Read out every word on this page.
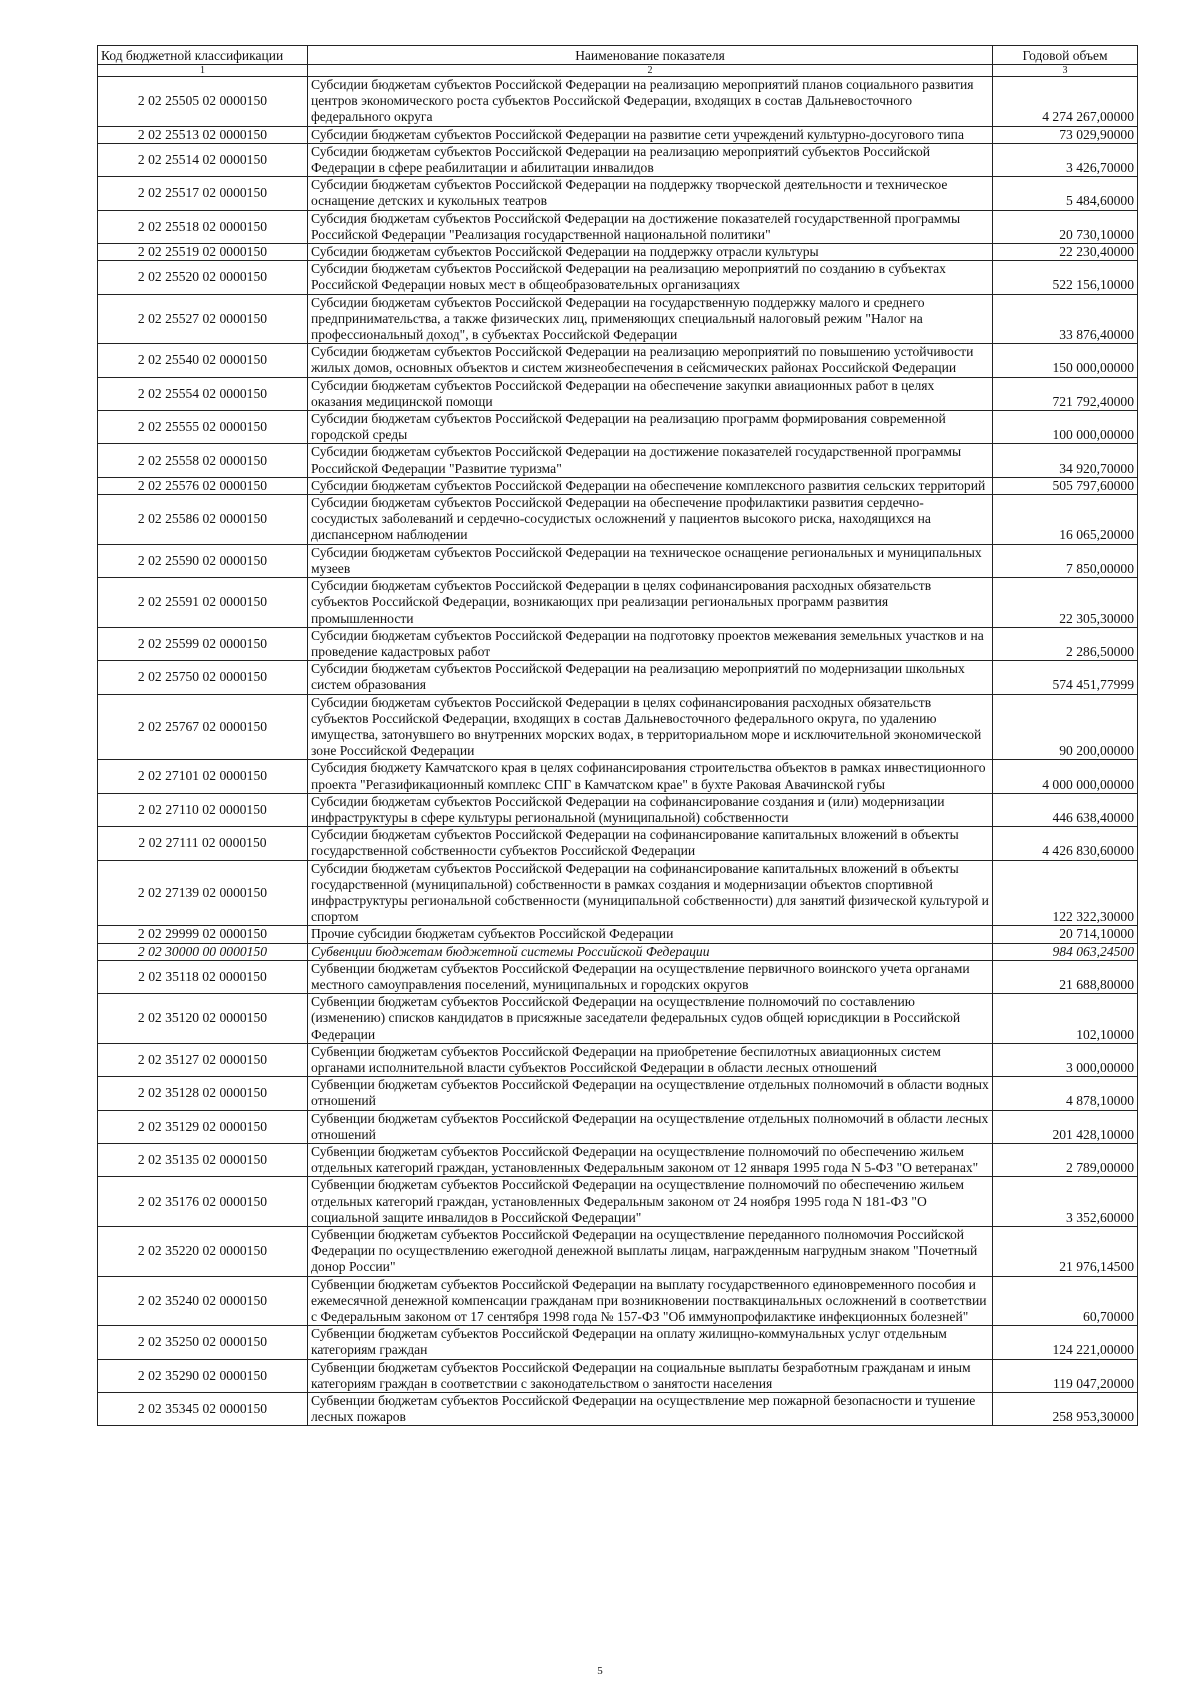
Код бюджетной классификации	Наименование показателя	Годовой объем
1	2	3
2 02 25505 02 0000150	Субсидии бюджетам субъектов Российской Федерации на реализацию мероприятий планов социального развития центров экономического роста субъектов Российской Федерации, входящих в состав Дальневосточного федерального округа	4 274 267,00000
2 02 25513 02 0000150	Субсидии бюджетам субъектов Российской Федерации на развитие сети учреждений культурно-досугового типа	73 029,90000
2 02 25514 02 0000150	Субсидии бюджетам субъектов Российской Федерации на реализацию мероприятий субъектов Российской Федерации в сфере реабилитации и абилитации инвалидов	3 426,70000
2 02 25517 02 0000150	Субсидии бюджетам субъектов Российской Федерации на поддержку творческой деятельности и техническое оснащение детских и кукольных театров	5 484,60000
2 02 25518 02 0000150	Субсидия бюджетам субъектов Российской Федерации на достижение показателей государственной программы Российской Федерации "Реализация государственной национальной политики"	20 730,10000
2 02 25519 02 0000150	Субсидии бюджетам субъектов Российской Федерации на поддержку отрасли культуры	22 230,40000
2 02 25520 02 0000150	Субсидии бюджетам субъектов Российской Федерации на реализацию мероприятий по созданию в субъектах Российской Федерации новых мест в общеобразовательных организациях	522 156,10000
2 02 25527 02 0000150	Субсидии бюджетам субъектов Российской Федерации на государственную поддержку малого и среднего предпринимательства, а также физических лиц, применяющих специальный налоговый режим "Налог на профессиональный доход", в субъектах Российской Федерации	33 876,40000
2 02 25540 02 0000150	Субсидии бюджетам субъектов Российской Федерации на реализацию мероприятий по повышению устойчивости жилых домов, основных объектов и систем жизнеобеспечения в сейсмических районах Российской Федерации	150 000,00000
2 02 25554 02 0000150	Субсидии бюджетам субъектов Российской Федерации на обеспечение закупки авиационных работ в целях оказания медицинской помощи	721 792,40000
2 02 25555 02 0000150	Субсидии бюджетам субъектов Российской Федерации на реализацию программ формирования современной городской среды	100 000,00000
2 02 25558 02 0000150	Субсидии бюджетам субъектов Российской Федерации на достижение показателей государственной программы Российской Федерации "Развитие туризма"	34 920,70000
2 02 25576 02 0000150	Субсидии бюджетам субъектов Российской Федерации на обеспечение комплексного развития сельских территорий	505 797,60000
2 02 25586 02 0000150	Субсидии бюджетам субъектов Российской Федерации на обеспечение профилактики развития сердечно-сосудистых заболеваний и сердечно-сосудистых осложнений у пациентов высокого риска, находящихся на диспансерном наблюдении	16 065,20000
2 02 25590 02 0000150	Субсидии бюджетам субъектов Российской Федерации на техническое оснащение региональных и муниципальных музеев	7 850,00000
2 02 25591 02 0000150	Субсидии бюджетам субъектов Российской Федерации в целях софинансирования расходных обязательств субъектов Российской Федерации, возникающих при реализации региональных программ развития промышленности	22 305,30000
2 02 25599 02 0000150	Субсидии бюджетам субъектов Российской Федерации на подготовку проектов межевания земельных участков и на проведение кадастровых работ	2 286,50000
2 02 25750 02 0000150	Субсидии бюджетам субъектов Российской Федерации на реализацию мероприятий по модернизации школьных систем образования	574 451,77999
2 02 25767 02 0000150	Субсидии бюджетам субъектов Российской Федерации в целях софинансирования расходных обязательств субъектов Российской Федерации, входящих в состав Дальневосточного федерального округа, по удалению имущества, затонувшего во внутренних морских водах, в территориальном море и исключительной экономической зоне Российской Федерации	90 200,00000
2 02 27101 02 0000150	Субсидия бюджету Камчатского края в целях софинансирования строительства объектов в рамках инвестиционного проекта "Регазификационный комплекс СПГ в Камчатском крае" в бухте Раковая Авачинской губы	4 000 000,00000
2 02 27110 02 0000150	Субсидии бюджетам субъектов Российской Федерации на софинансирование создания и (или) модернизации инфраструктуры в сфере культуры региональной (муниципальной) собственности	446 638,40000
2 02 27111 02 0000150	Субсидии бюджетам субъектов Российской Федерации на софинансирование капитальных вложений в объекты государственной собственности субъектов Российской Федерации	4 426 830,60000
2 02 27139 02 0000150	Субсидии бюджетам субъектов Российской Федерации на софинансирование капитальных вложений в объекты государственной (муниципальной) собственности в рамках создания и модернизации объектов спортивной инфраструктуры региональной собственности (муниципальной собственности) для занятий физической культурой и спортом	122 322,30000
2 02 29999 02 0000150	Прочие субсидии бюджетам субъектов Российской Федерации	20 714,10000
2 02 30000 00 0000150	Субвенции бюджетам бюджетной системы Российской Федерации	984 063,24500
2 02 35118 02 0000150	Субвенции бюджетам субъектов Российской Федерации на осуществление первичного воинского учета органами местного самоуправления поселений, муниципальных и городских округов	21 688,80000
2 02 35120 02 0000150	Субвенции бюджетам субъектов Российской Федерации на осуществление полномочий по составлению (изменению) списков кандидатов в присяжные заседатели федеральных судов общей юрисдикции в Российской Федерации	102,10000
2 02 35127 02 0000150	Субвенции бюджетам субъектов Российской Федерации на приобретение беспилотных авиационных систем органами исполнительной власти субъектов Российской Федерации в области лесных отношений	3 000,00000
2 02 35128 02 0000150	Субвенции бюджетам субъектов Российской Федерации на осуществление отдельных полномочий в области водных отношений	4 878,10000
2 02 35129 02 0000150	Субвенции бюджетам субъектов Российской Федерации на осуществление отдельных полномочий в области лесных отношений	201 428,10000
2 02 35135 02 0000150	Субвенции бюджетам субъектов Российской Федерации на осуществление полномочий по обеспечению жильем отдельных категорий граждан, установленных Федеральным законом от 12 января 1995 года N 5-ФЗ "О ветеранах"	2 789,00000
2 02 35176 02 0000150	Субвенции бюджетам субъектов Российской Федерации на осуществление полномочий по обеспечению жильем отдельных категорий граждан, установленных Федеральным законом от 24 ноября 1995 года N 181-ФЗ "О социальной защите инвалидов в Российской Федерации"	3 352,60000
2 02 35220 02 0000150	Субвенции бюджетам субъектов Российской Федерации на осуществление переданного полномочия Российской Федерации по осуществлению ежегодной денежной выплаты лицам, награжденным нагрудным знаком "Почетный донор России"	21 976,14500
2 02 35240 02 0000150	Субвенции бюджетам субъектов Российской Федерации на выплату государственного единовременного пособия и ежемесячной денежной компенсации гражданам при возникновении поствакцинальных осложнений в соответствии с Федеральным законом от 17 сентября 1998 года № 157-ФЗ "Об иммунопрофилактике инфекционных болезней"	60,70000
2 02 35250 02 0000150	Субвенции бюджетам субъектов Российской Федерации на оплату жилищно-коммунальных услуг отдельным категориям граждан	124 221,00000
2 02 35290 02 0000150	Субвенции бюджетам субъектов Российской Федерации на социальные выплаты безработным гражданам и иным категориям граждан в соответствии с законодательством о занятости населения	119 047,20000
2 02 35345 02 0000150	Субвенции бюджетам субъектов Российской Федерации на осуществление мер пожарной безопасности и тушение лесных пожаров	258 953,30000
5
